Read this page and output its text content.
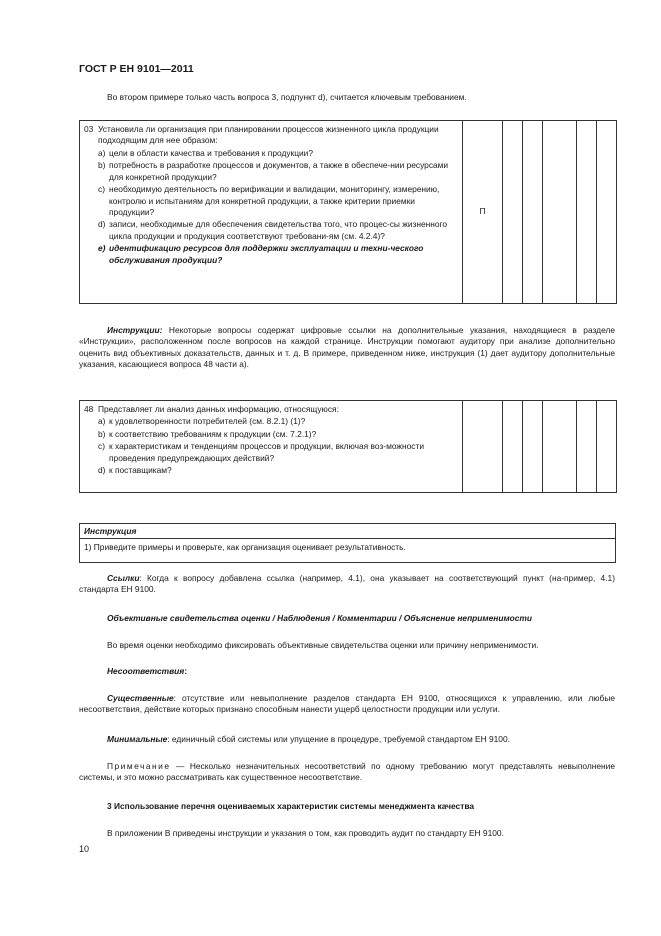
ГОСТ Р ЕН 9101—2011
Во втором примере только часть вопроса 3, подпункт d), считается ключевым требованием.
03 Установила ли организация при планировании процессов жизненного цикла продукции подходящим для нее образом:
a) цели в области качества и требования к продукции?
b) потребность в разработке процессов и документов, а также в обеспече-нии ресурсами для конкретной продукции?
c) необходимую деятельность по верификации и валидации, мониторингу, измерению, контролю и испытаниям для конкретной продукции, а также критерии приемки продукции?
d) записи, необходимые для обеспечения свидетельства того, что процес-сы жизненного цикла продукции и продукция соответствуют требовани-ям (см. 4.2.4)?
e) идентификацию ресурсов для поддержки эксплуатации и техни-ческого обслуживания продукции?
	П					
Инструкции: Некоторые вопросы содержат цифровые ссылки на дополнительные указания, находящиеся в разделе «Инструкции», расположенном после вопросов на каждой странице. Инструкции помогают аудитору при анализе дополнительно оценить вид объективных доказательств, данных и т. д. В примере, приведенном ниже, инструкция (1) дает аудитору дополнительные указания, касающиеся вопроса 48 части а).
48 Представляет ли анализ данных информацию, относящуюся:
a) к удовлетворенности потребителей (см. 8.2.1) (1)?
b) к соответствию требованиям к продукции (см. 7.2.1)?
c) к характеристикам и тенденциям процессов и продукции, включая воз-можности проведения предупреждающих действий?
d) к поставщикам?

Инструкция
1) Приведите примеры и проверьте, как организация оценивает результативность.
Ссылки: Когда к вопросу добавлена ссылка (например, 4.1), она указывает на соответствующий пункт (на-пример, 4.1) стандарта ЕН 9100.
Объективные свидетельства оценки / Наблюдения / Комментарии / Объяснение неприменимости
Во время оценки необходимо фиксировать объективные свидетельства оценки или причину неприменимости.
Несоответствия:
Существенные: отсутствие или невыполнение разделов стандарта ЕН 9100, относящихся к управлению, или любые несоответствия, действие которых признано способным нанести ущерб целостности продукции или услуги.
Минимальные: единичный сбой системы или упущение в процедуре, требуемой стандартом ЕН 9100.
Примечание — Несколько незначительных несоответствий по одному требованию могут представлять невыполнение системы, и это можно рассматривать как существенное несоответствие.
3 Использование перечня оцениваемых характеристик системы менеджмента качества
В приложении В приведены инструкции и указания о том, как проводить аудит по стандарту ЕН 9100.
10
